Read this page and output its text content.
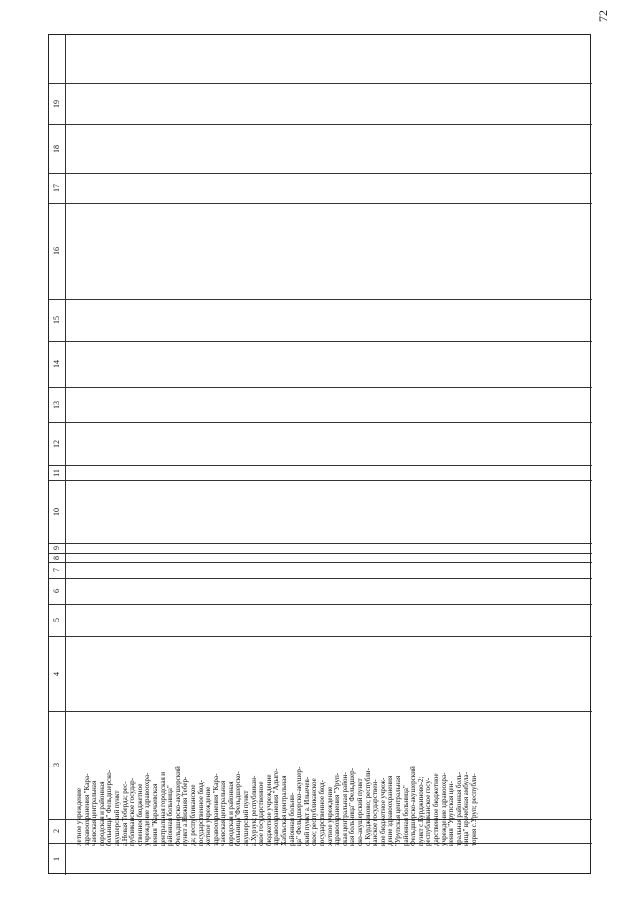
72
1
2
3
4
5
6
7
8
9
10
11
12
13
14
15
16
17
18
19
летное учреждение здравоохранения "Кара- чаевская центральная городская и районная больница" Фельдшерско- акушерский пункт а.Новая Теберда; рес- публиканское государ- ственное бюджетное учреждение здравоохра- нения "Карачаевская центральная городская и районная больница" Фельдшерско-акушерский пункт а.Нижняя Тебер- да; республиканское государственное бюд- жетное учреждение здравоохранения "Кара- чаевская центральная городская и районная больница"Фельдшерско- акушерский пункт а.Хурзук; республикан- ское государственное бюджетное учреждение здравоохранения "Адыге- Хабльская центральная районная больни- ца" Фельдшерско-акушер- ский пункт а. Ильичев- ское; республиканское государственное бюд- жетное учреждение здравоохранения "Уруп- ская центральная район- ная больница" Фельдшер- ско-акушерский пункт с. Курджиново; республи- канское государствен- ное бюджетное учреж- дение здравоохранения "Урупская центральная районная больница" Фельдшерско-акушерский пункт с.Курджиново-2; республиканское госу- дарственное бюджетное учреждение здравоохра- нения "Урупская цен- тральная районная боль- ница" врачебная амбула- тория с.Уруп; республи-
